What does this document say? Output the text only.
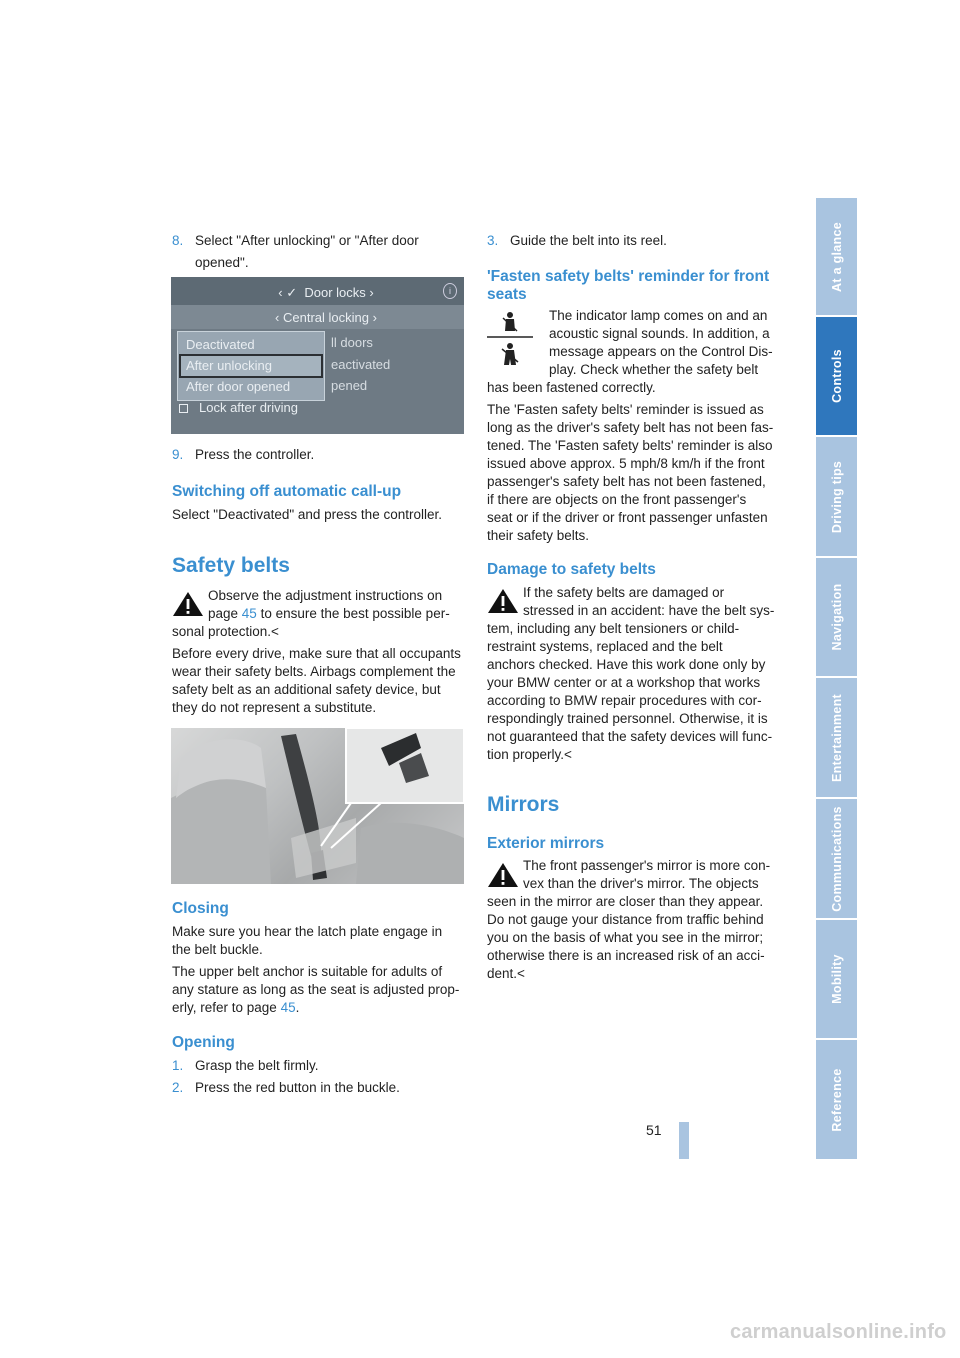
8. Select "After unlocking" or "After door
opened".
‹ ✓  Door locks ›	i
‹ Central locking ›
Deactivated
After unlocking
After door opened
Lock after driving
ll doors
eactivated
pened
9. Press the controller.
Switching off automatic call-up

Select "Deactivated" and press the controller.

Safety belts

Observe the adjustment instructions on

page 45 to ensure the best possible per-

sonal protection.<

Before every drive, make sure that all occupants

wear their safety belts. Airbags complement the

safety belt as an additional safety device, but

they do not represent a substitute.

Closing

Make sure you hear the latch plate engage in

the belt buckle.

The upper belt anchor is suitable for adults of

any stature as long as the seat is adjusted prop-

erly, refer to page 45.

Opening
1. Grasp the belt firmly.
2. Press the red button in the buckle.
3. Guide the belt into its reel.
'Fasten safety belts' reminder for front
seats

The indicator lamp comes on and an

acoustic signal sounds. In addition, a

message appears on the Control Dis-

play. Check whether the safety belt

has been fastened correctly.

The 'Fasten safety belts' reminder is issued as

long as the driver's safety belt has not been fas-

tened. The 'Fasten safety belts' reminder is also

issued above approx. 5 mph/8 km/h if the front

passenger's safety belt has not been fastened,

if there are objects on the front passenger's

seat or if the driver or front passenger unfasten

their safety belts.

Damage to safety belts

If the safety belts are damaged or

stressed in an accident: have the belt sys-

tem, including any belt tensioners or child-

restraint systems, replaced and the belt

anchors checked. Have this work done only by

your BMW center or at a workshop that works

according to BMW repair procedures with cor-

respondingly trained personnel. Otherwise, it is

not guaranteed that the safety devices will func-

tion properly.<

Mirrors
Exterior mirrors

The front passenger's mirror is more con-

vex than the driver's mirror. The objects

seen in the mirror are closer than they appear.

Do not gauge your distance from traffic behind

you on the basis of what you see in the mirror;

otherwise there is an increased risk of an acci-

dent.<

51
At a glance
Controls
Driving tips
Navigation
Entertainment
Communications
Mobility
Reference
carmanualsonline.info
